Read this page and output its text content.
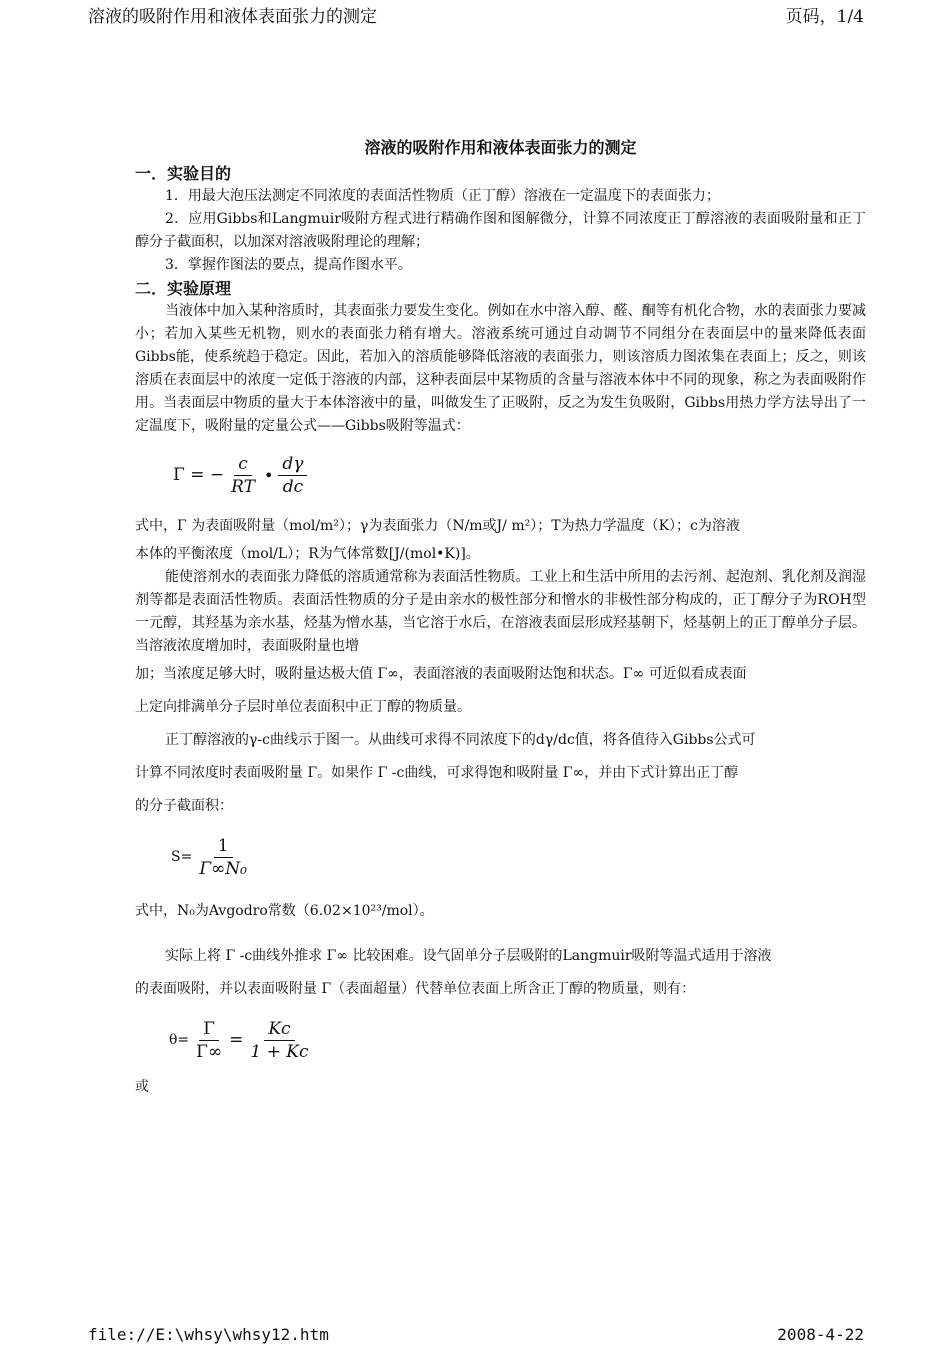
溶液的吸附作用和液体表面张力的测定	页码，1/4

溶液的吸附作用和液体表面张力的测定

一．实验目的

1．用最大泡压法测定不同浓度的表面活性物质（正丁醇）溶液在一定温度下的表面张力；

2．应用Gibbs和Langmuir吸附方程式进行精确作图和图解微分，计算不同浓度正丁醇溶液的表面吸附量和正丁醇分子截面积，以加深对溶液吸附理论的理解；

3．掌握作图法的要点，提高作图水平。

二．实验原理

当液体中加入某种溶质时，其表面张力要发生变化。例如在水中溶入醇、醛、酮等有机化合物，水的表面张力要减小；若加入某些无机物，则水的表面张力稍有增大。溶液系统可通过自动调节不同组分在表面层中的量来降低表面Gibbs能，使系统趋于稳定。因此，若加入的溶质能够降低溶液的表面张力，则该溶质力图浓集在表面上；反之，则该溶质在表面层中的浓度一定低于溶液的内部，这种表面层中某物质的含量与溶液本体中不同的现象，称之为表面吸附作用。当表面层中物质的量大于本体溶液中的量，叫做发生了正吸附，反之为发生负吸附，Gibbs用热力学方法导出了一定温度下，吸附量的定量公式——Gibbs吸附等温式：

Γ = − $\frac{c}{RT}$ • $\frac{d\gamma}{dc}$

式中，Γ 为表面吸附量（mol/m²）；γ为表面张力（N/m或J/ m²）；T为热力学温度（K）；c为溶液

本体的平衡浓度（mol/L）；R为气体常数[J/(mol•K)]。

能使溶剂水的表面张力降低的溶质通常称为表面活性物质。工业上和生活中所用的去污剂、起泡剂、乳化剂及润湿剂等都是表面活性物质。表面活性物质的分子是由亲水的极性部分和憎水的非极性部分构成的，正丁醇分子为ROH型一元醇，其羟基为亲水基，烃基为憎水基，当它溶于水后，在溶液表面层形成羟基朝下，烃基朝上的正丁醇单分子层。当溶液浓度增加时，表面吸附量也增

加；当浓度足够大时，吸附量达极大值 Γ∞，表面溶液的表面吸附达饱和状态。Γ∞ 可近似看成表面

上定向排满单分子层时单位表面积中正丁醇的物质量。

正丁醇溶液的γ-c曲线示于图一。从曲线可求得不同浓度下的dγ/dc值，将各值待入Gibbs公式可

计算不同浓度时表面吸附量 Γ。如果作 Γ -c曲线，可求得饱和吸附量 Γ∞，并由下式计算出正丁醇

的分子截面积：

$S= \frac{1}{\text{Γ∞N₀}}$

式中，N₀为Avgodro常数（6.02×10²³/mol）。

实际上将 Γ -c曲线外推求 Γ∞ 比较困难。设气固单分子层吸附的Langmuir吸附等温式适用于溶液

的表面吸附，并以表面吸附量 Γ（表面超量）代替单位表面上所含正丁醇的物质量，则有：

$\theta= \frac{\Gamma}{\Gamma\infty} = \frac{Kc}{1 + Kc}$

或

file://E:\whsy\whsy12.htm	2008-4-22
